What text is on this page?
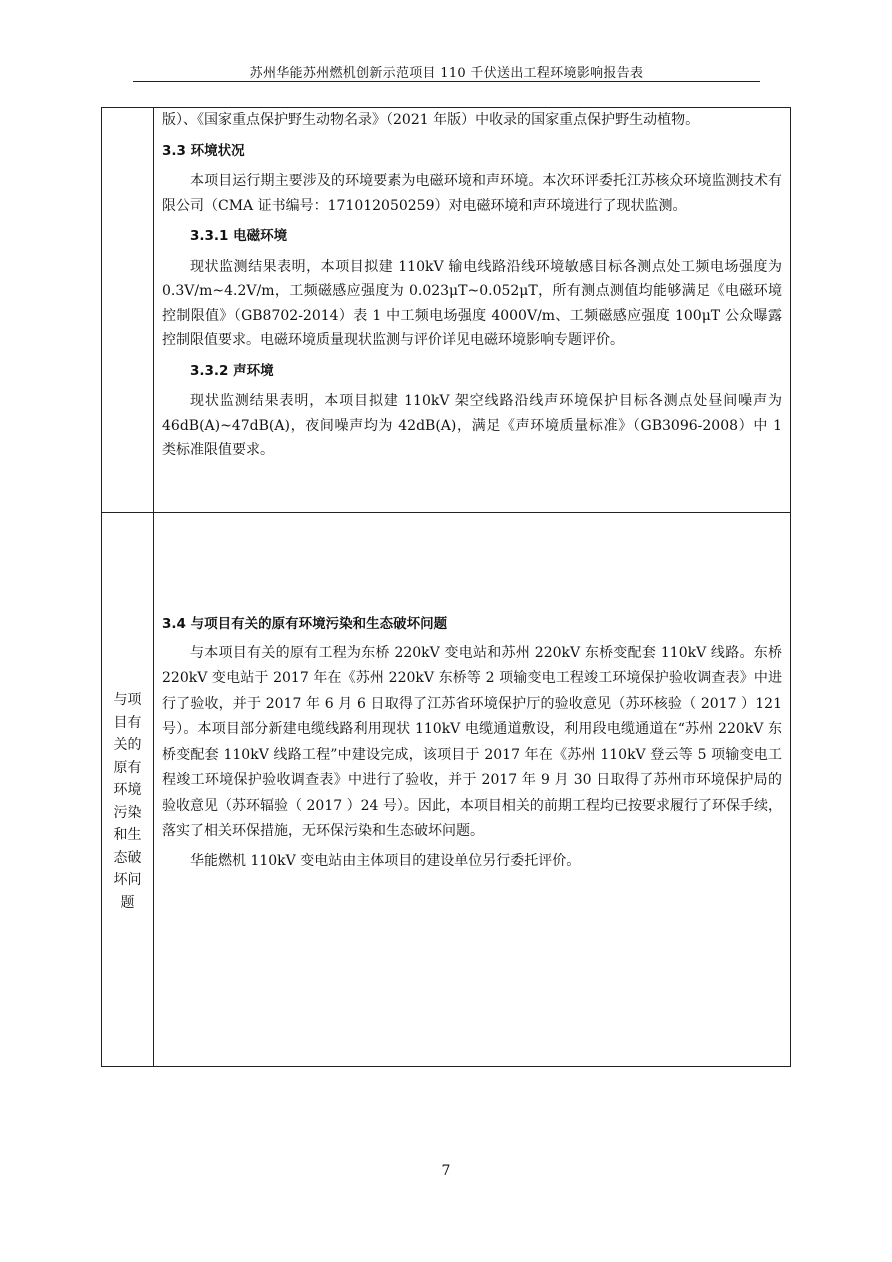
苏州华能苏州燃机创新示范项目 110 千伏送出工程环境影响报告表

版）、《国家重点保护野生动物名录》（2021 年版）中收录的国家重点保护野生动植物。

3.3 环境状况

本项目运行期主要涉及的环境要素为电磁环境和声环境。本次环评委托江苏核众环境监测技术有限公司（CMA 证书编号：171012050259）对电磁环境和声环境进行了现状监测。

3.3.1 电磁环境

现状监测结果表明，本项目拟建 110kV 输电线路沿线环境敏感目标各测点处工频电场强度为 0.3V/m~4.2V/m，工频磁感应强度为 0.023μT~0.052μT，所有测点测值均能够满足《电磁环境控制限值》（GB8702-2014）表 1 中工频电场强度 4000V/m、工频磁感应强度 100μT 公众曝露控制限值要求。电磁环境质量现状监测与评价详见电磁环境影响专题评价。

3.3.2 声环境

现状监测结果表明，本项目拟建 110kV 架空线路沿线声环境保护目标各测点处昼间噪声为 46dB(A)~47dB(A)，夜间噪声均为 42dB(A)，满足《声环境质量标准》（GB3096-2008）中 1 类标准限值要求。

与项
目有
关的
原有
环境
污染
和生
态破
坏问
题

3.4 与项目有关的原有环境污染和生态破坏问题

与本项目有关的原有工程为东桥 220kV 变电站和苏州 220kV 东桥变配套 110kV 线路。东桥 220kV 变电站于 2017 年在《苏州 220kV 东桥等 2 项输变电工程竣工环境保护验收调查表》中进行了验收，并于 2017 年 6 月 6 日取得了江苏省环境保护厅的验收意见（苏环核验（ 2017 ）121 号）。本项目部分新建电缆线路利用现状 110kV 电缆通道敷设，利用段电缆通道在“苏州 220kV 东桥变配套 110kV 线路工程”中建设完成，该项目于 2017 年在《苏州 110kV 登云等 5 项输变电工程竣工环境保护验收调查表》中进行了验收，并于 2017 年 9 月 30 日取得了苏州市环境保护局的验收意见（苏环辐验（ 2017 ）24 号）。因此，本项目相关的前期工程均已按要求履行了环保手续，落实了相关环保措施，无环保污染和生态破坏问题。

华能燃机 110kV 变电站由主体项目的建设单位另行委托评价。

7
